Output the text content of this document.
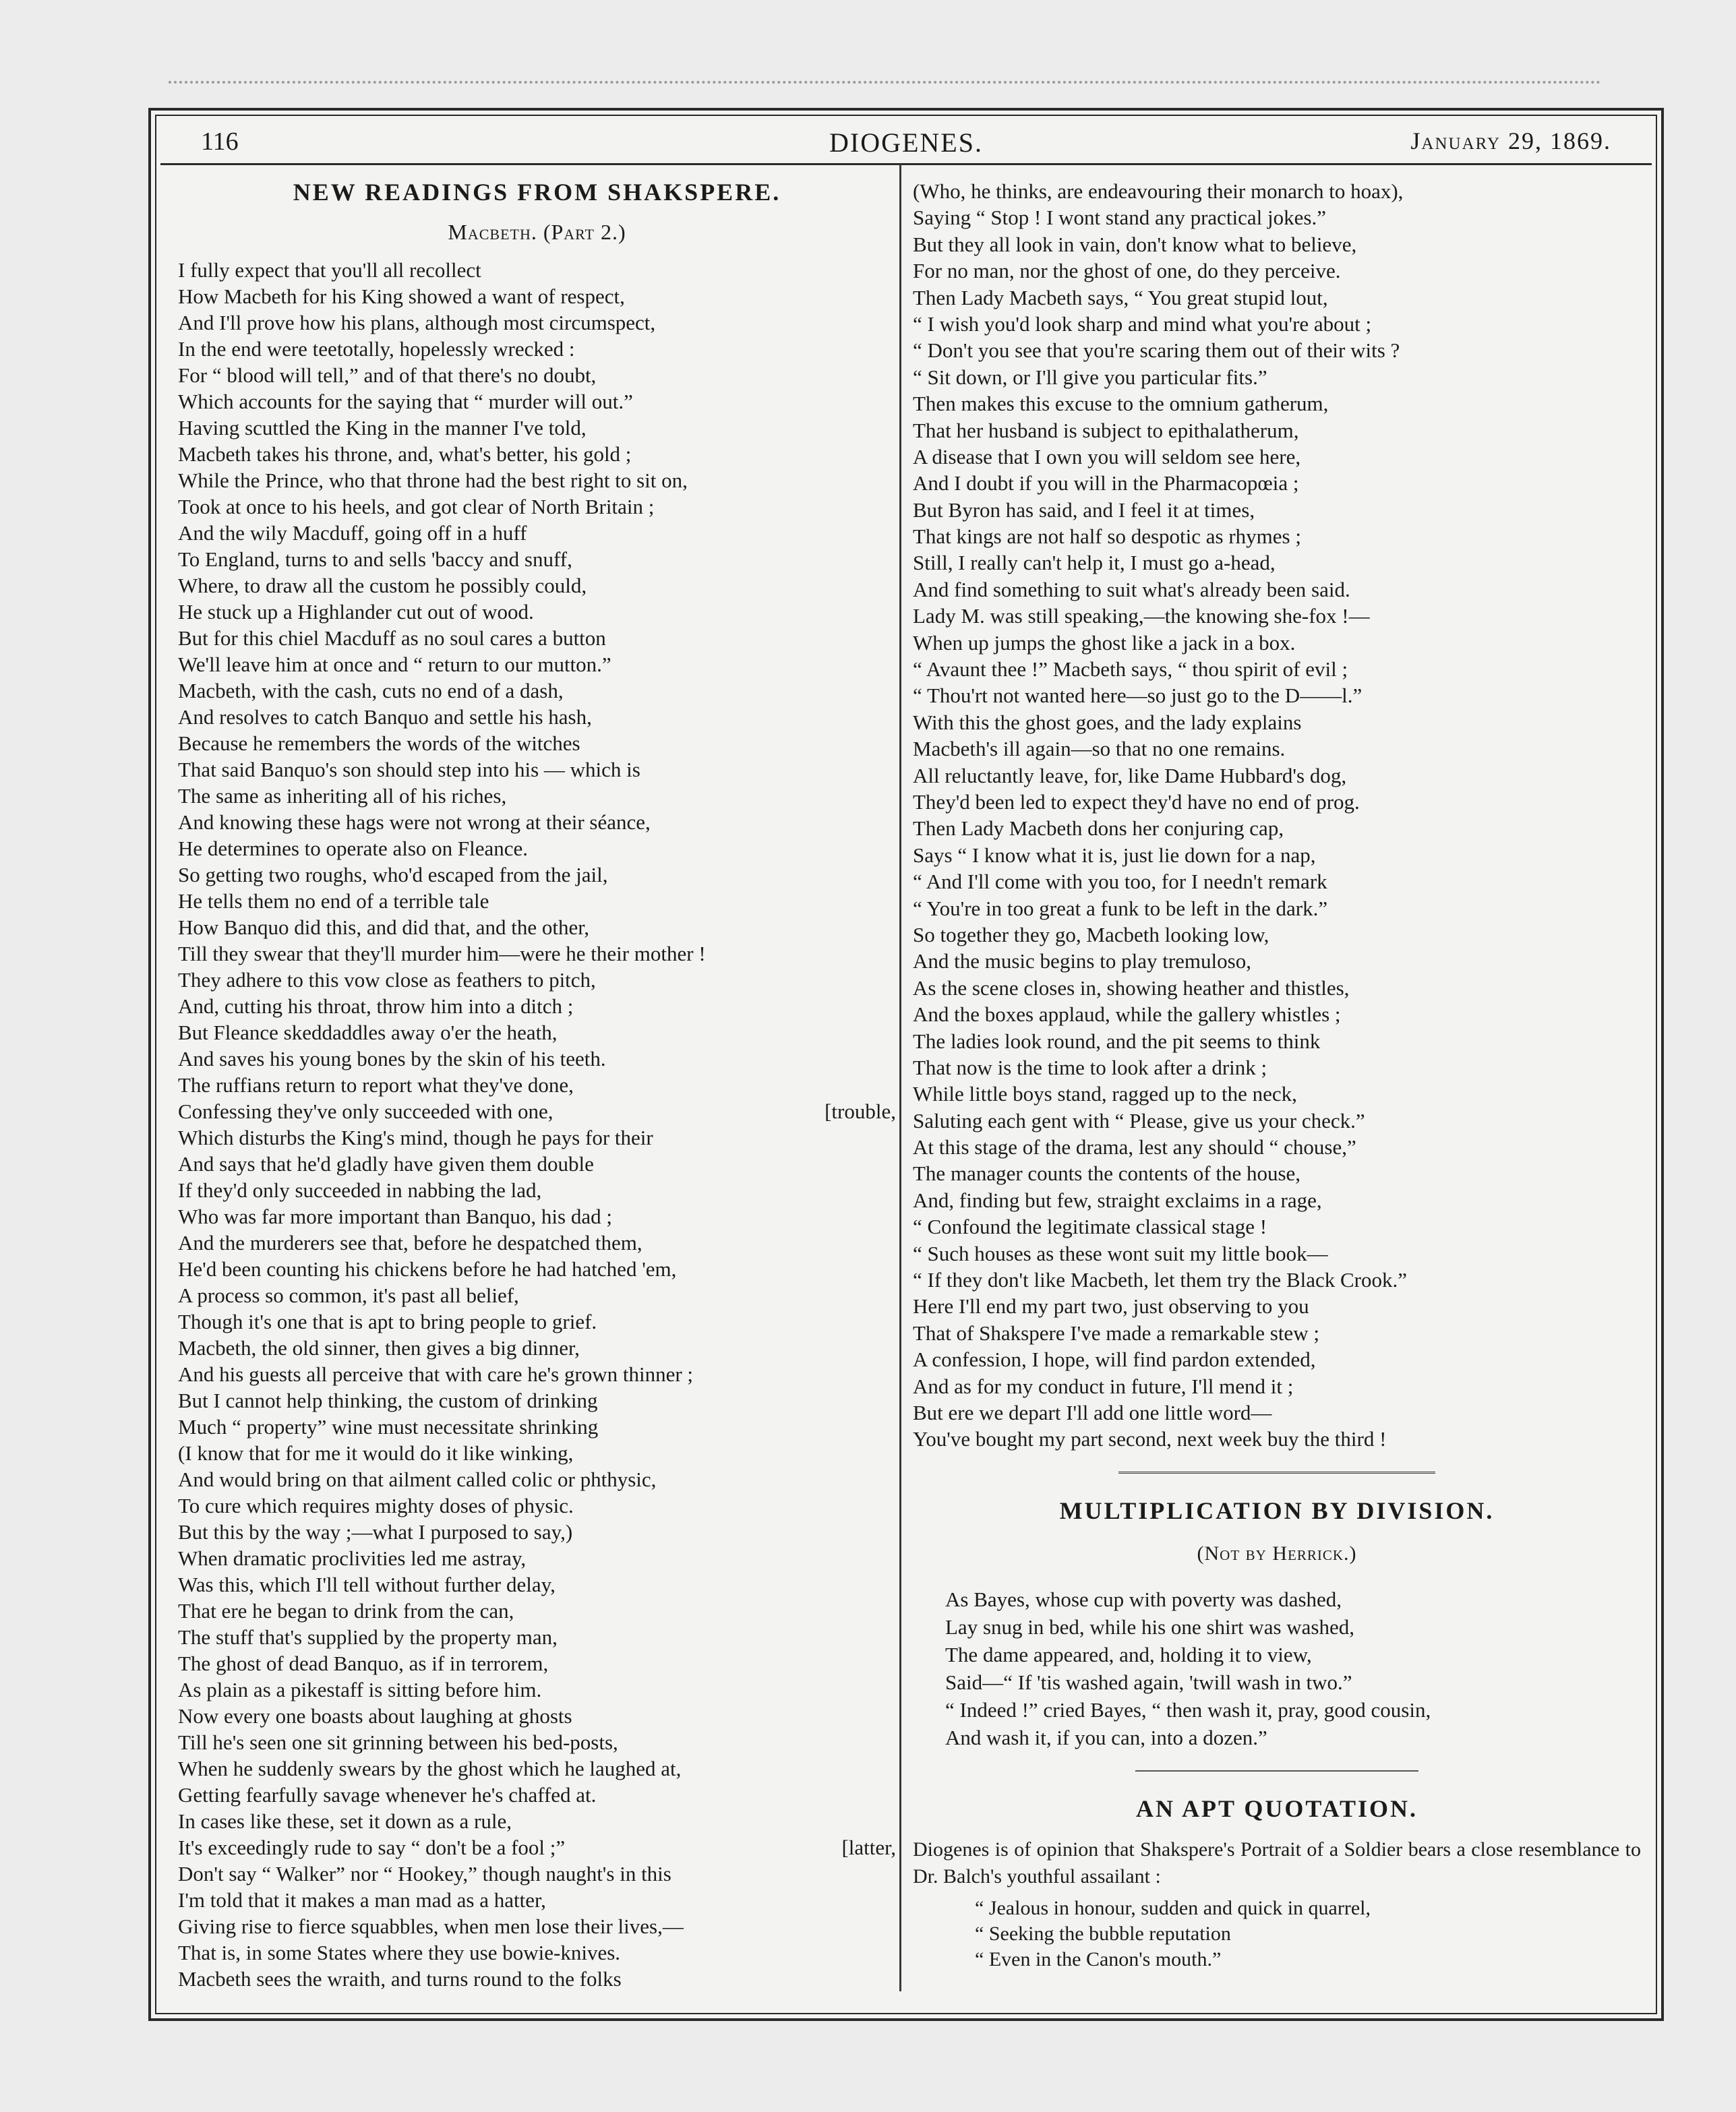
116	DIOGENES.	January 29, 1869.
NEW READINGS FROM SHAKSPERE.
Macbeth. (Part 2.)
I fully expect that you'll all recollect
How Macbeth for his King showed a want of respect,
And I'll prove how his plans, although most circumspect,
In the end were teetotally, hopelessly wrecked :
For “ blood will tell,” and of that there's no doubt,
Which accounts for the saying that “ murder will out.”
Having scuttled the King in the manner I've told,
Macbeth takes his throne, and, what's better, his gold ;
While the Prince, who that throne had the best right to sit on,
Took at once to his heels, and got clear of North Britain ;
And the wily Macduff, going off in a huff
To England, turns to and sells 'baccy and snuff,
Where, to draw all the custom he possibly could,
He stuck up a Highlander cut out of wood.
But for this chiel Macduff as no soul cares a button
We'll leave him at once and “ return to our mutton.”
Macbeth, with the cash, cuts no end of a dash,
And resolves to catch Banquo and settle his hash,
Because he remembers the words of the witches
That said Banquo's son should step into his — which is
The same as inheriting all of his riches,
And knowing these hags were not wrong at their séance,
He determines to operate also on Fleance.
So getting two roughs, who'd escaped from the jail,
He tells them no end of a terrible tale
How Banquo did this, and did that, and the other,
Till they swear that they'll murder him—were he their mother !
They adhere to this vow close as feathers to pitch,
And, cutting his throat, throw him into a ditch ;
But Fleance skeddaddles away o'er the heath,
And saves his young bones by the skin of his teeth.
The ruffians return to report what they've done,
Confessing they've only succeeded with one,	[trouble,
Which disturbs the King's mind, though he pays for their
And says that he'd gladly have given them double
If they'd only succeeded in nabbing the lad,
Who was far more important than Banquo, his dad ;
And the murderers see that, before he despatched them,
He'd been counting his chickens before he had hatched 'em,
A process so common, it's past all belief,
Though it's one that is apt to bring people to grief.
Macbeth, the old sinner, then gives a big dinner,
And his guests all perceive that with care he's grown thinner ;
But I cannot help thinking, the custom of drinking
Much “ property” wine must necessitate shrinking
(I know that for me it would do it like winking,
And would bring on that ailment called colic or phthysic,
To cure which requires mighty doses of physic.
But this by the way ;—what I purposed to say,)
When dramatic proclivities led me astray,
Was this, which I'll tell without further delay,
That ere he began to drink from the can,
The stuff that's supplied by the property man,
The ghost of dead Banquo, as if in terrorem,
As plain as a pikestaff is sitting before him.
Now every one boasts about laughing at ghosts
Till he's seen one sit grinning between his bed-posts,
When he suddenly swears by the ghost which he laughed at,
Getting fearfully savage whenever he's chaffed at.
In cases like these, set it down as a rule,
It's exceedingly rude to say “ don't be a fool ;”	[latter,
Don't say “ Walker” nor “ Hookey,” though naught's in this
I'm told that it makes a man mad as a hatter,
Giving rise to fierce squabbles, when men lose their lives,—
That is, in some States where they use bowie-knives.
Macbeth sees the wraith, and turns round to the folks
(Who, he thinks, are endeavouring their monarch to hoax),
Saying “ Stop ! I wont stand any practical jokes.”
But they all look in vain, don't know what to believe,
For no man, nor the ghost of one, do they perceive.
Then Lady Macbeth says, “ You great stupid lout,
“ I wish you'd look sharp and mind what you're about ;
“ Don't you see that you're scaring them out of their wits ?
“ Sit down, or I'll give you particular fits.”
Then makes this excuse to the omnium gatherum,
That her husband is subject to epithalatherum,
A disease that I own you will seldom see here,
And I doubt if you will in the Pharmacopœia ;
But Byron has said, and I feel it at times,
That kings are not half so despotic as rhymes ;
Still, I really can't help it, I must go a-head,
And find something to suit what's already been said.
Lady M. was still speaking,—the knowing she-fox !—
When up jumps the ghost like a jack in a box.
“ Avaunt thee !” Macbeth says, “ thou spirit of evil ;
“ Thou'rt not wanted here—so just go to the D——l.”
With this the ghost goes, and the lady explains
Macbeth's ill again—so that no one remains.
All reluctantly leave, for, like Dame Hubbard's dog,
They'd been led to expect they'd have no end of prog.
Then Lady Macbeth dons her conjuring cap,
Says “ I know what it is, just lie down for a nap,
“ And I'll come with you too, for I needn't remark
“ You're in too great a funk to be left in the dark.”
So together they go, Macbeth looking low,
And the music begins to play tremuloso,
As the scene closes in, showing heather and thistles,
And the boxes applaud, while the gallery whistles ;
The ladies look round, and the pit seems to think
That now is the time to look after a drink ;
While little boys stand, ragged up to the neck,
Saluting each gent with “ Please, give us your check.”
At this stage of the drama, lest any should “ chouse,”
The manager counts the contents of the house,
And, finding but few, straight exclaims in a rage,
“ Confound the legitimate classical stage !
“ Such houses as these wont suit my little book—
“ If they don't like Macbeth, let them try the Black Crook.”
Here I'll end my part two, just observing to you
That of Shakspere I've made a remarkable stew ;
A confession, I hope, will find pardon extended,
And as for my conduct in future, I'll mend it ;
But ere we depart I'll add one little word—
You've bought my part second, next week buy the third !
MULTIPLICATION BY DIVISION.
(Not by Herrick.)
As Bayes, whose cup with poverty was dashed,
Lay snug in bed, while his one shirt was washed,
The dame appeared, and, holding it to view,
Said—“ If 'tis washed again, 'twill wash in two.”
“ Indeed !” cried Bayes, “ then wash it, pray, good cousin,
And wash it, if you can, into a dozen.”
AN APT QUOTATION.

Diogenes is of opinion that Shakspere's Portrait of a Soldier bears a close resemblance to Dr. Balch's youthful assailant :

“ Jealous in honour, sudden and quick in quarrel,
“ Seeking the bubble reputation
“ Even in the Canon's mouth.”
